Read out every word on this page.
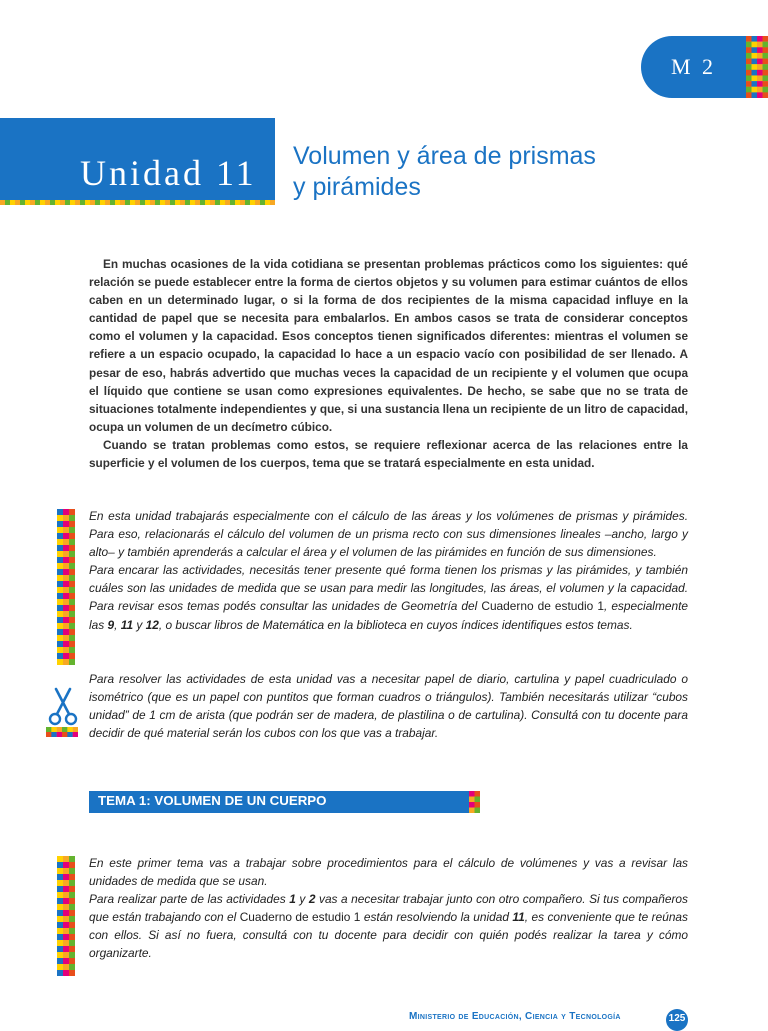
M 2
Unidad 11 Volumen y área de prismas
y pirámides

En muchas ocasiones de la vida cotidiana se presentan problemas prácticos como los siguientes: qué relación se puede establecer entre la forma de ciertos objetos y su volumen para estimar cuántos de ellos caben en un determinado lugar, o si la forma de dos recipientes de la misma capacidad influye en la cantidad de papel que se necesita para embalarlos. En ambos casos se trata de considerar conceptos como el volumen y la capacidad. Esos conceptos tienen significados diferentes: mientras el volumen se refiere a un espacio ocupado, la capacidad lo hace a un espacio vacío con posibilidad de ser llenado. A pesar de eso, habrás advertido que muchas veces la capacidad de un recipiente y el volumen que ocupa el líquido que contiene se usan como expresiones equivalentes. De hecho, se sabe que no se trata de situaciones totalmente independientes y que, si una sustancia llena un recipiente de un litro de capacidad, ocupa un volumen de un decímetro cúbico.

Cuando se tratan problemas como estos, se requiere reflexionar acerca de las relaciones entre la superficie y el volumen de los cuerpos, tema que se tratará especialmente en esta unidad.

En esta unidad trabajarás especialmente con el cálculo de las áreas y los volúmenes de prismas y pirámides. Para eso, relacionarás el cálculo del volumen de un prisma recto con sus dimensiones lineales –ancho, largo y alto– y también aprenderás a calcular el área y el volumen de las pirámides en función de sus dimensiones.

Para encarar las actividades, necesitás tener presente qué forma tienen los prismas y las pirámides, y también cuáles son las unidades de medida que se usan para medir las longitudes, las áreas, el volumen y la capacidad. Para revisar esos temas podés consultar las unidades de Geometría del Cuaderno de estudio 1, especialmente las 9, 11 y 12, o buscar libros de Matemática en la biblioteca en cuyos índices identifiques estos temas.

Para resolver las actividades de esta unidad vas a necesitar papel de diario, cartulina y papel cuadriculado o isométrico (que es un papel con puntitos que forman cuadros o triángulos). También necesitarás utilizar “cubos unidad” de 1 cm de arista (que podrán ser de madera, de plastilina o de cartulina). Consultá con tu docente para decidir de qué material serán los cubos con los que vas a trabajar.

TEMA 1: VOLUMEN DE UN CUERPO

En este primer tema vas a trabajar sobre procedimientos para el cálculo de volúmenes y vas a revisar las unidades de medida que se usan.

Para realizar parte de las actividades 1 y 2 vas a necesitar trabajar junto con otro compañero. Si tus compañeros que están trabajando con el Cuaderno de estudio 1 están resolviendo la unidad 11, es conveniente que te reúnas con ellos. Si así no fuera, consultá con tu docente para decidir con quién podés realizar la tarea y cómo organizarte.

Ministerio de Educación, Ciencia y Tecnología	125
